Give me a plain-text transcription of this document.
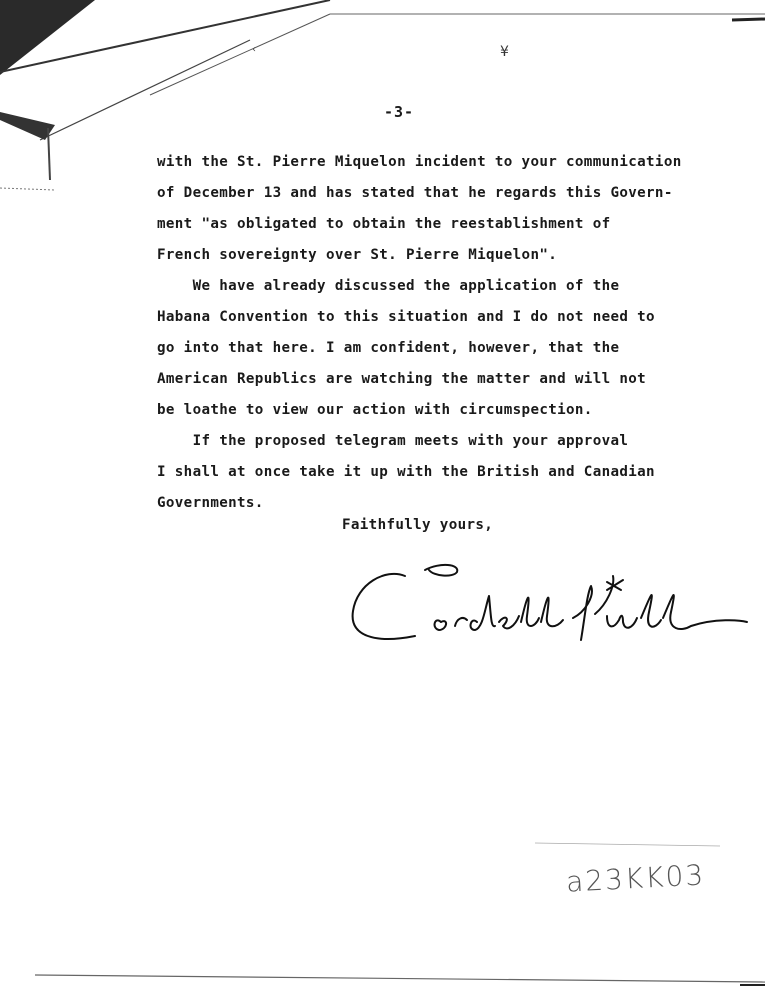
¥
‹
-3-
with the St. Pierre Miquelon incident to your communication
of December 13 and has stated that he regards this Govern-
ment "as obligated to obtain the reestablishment of
French sovereignty over St. Pierre Miquelon".
We have already discussed the application of the
Habana Convention to this situation and I do not need to
go into that here. I am confident, however, that the
American Republics are watching the matter and will not
be loathe to view our action with circumspection.
If the proposed telegram meets with your approval
I shall at once take it up with the British and Canadian
Governments.
Faithfully yours,
a23KK03
